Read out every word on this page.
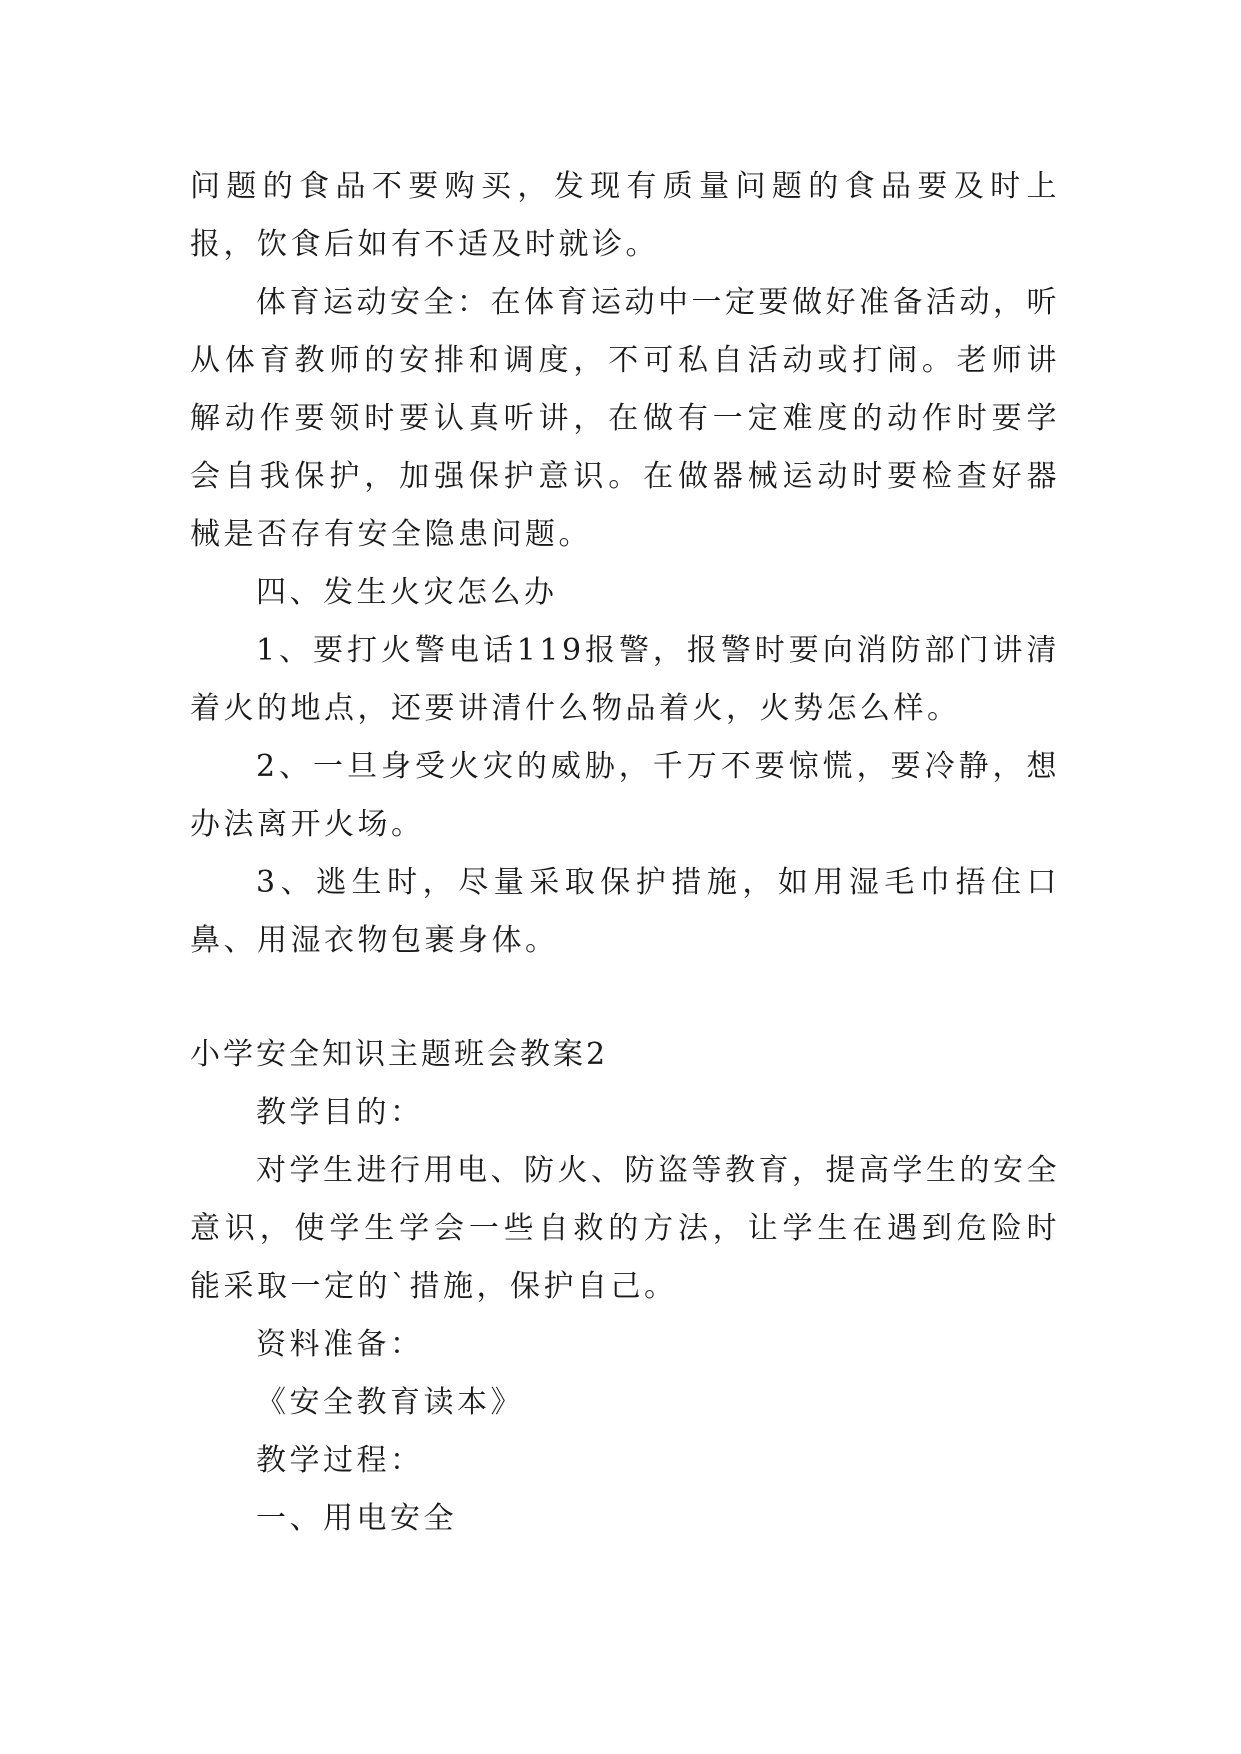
问题的食品不要购买，发现有质量问题的食品要及时上报，饮食后如有不适及时就诊。

体育运动安全：在体育运动中一定要做好准备活动，听从体育教师的安排和调度，不可私自活动或打闹。老师讲解动作要领时要认真听讲，在做有一定难度的动作时要学会自我保护，加强保护意识。在做器械运动时要检查好器械是否存有安全隐患问题。

四、发生火灾怎么办

1、要打火警电话119报警，报警时要向消防部门讲清着火的地点，还要讲清什么物品着火，火势怎么样。

2、一旦身受火灾的威胁，千万不要惊慌，要冷静，想办法离开火场。

3、逃生时，尽量采取保护措施，如用湿毛巾捂住口鼻、用湿衣物包裹身体。

小学安全知识主题班会教案2

教学目的：

对学生进行用电、防火、防盗等教育，提高学生的安全意识，使学生学会一些自救的方法，让学生在遇到危险时能采取一定的`措施，保护自己。

资料准备：

《安全教育读本》

教学过程：

一、用电安全
